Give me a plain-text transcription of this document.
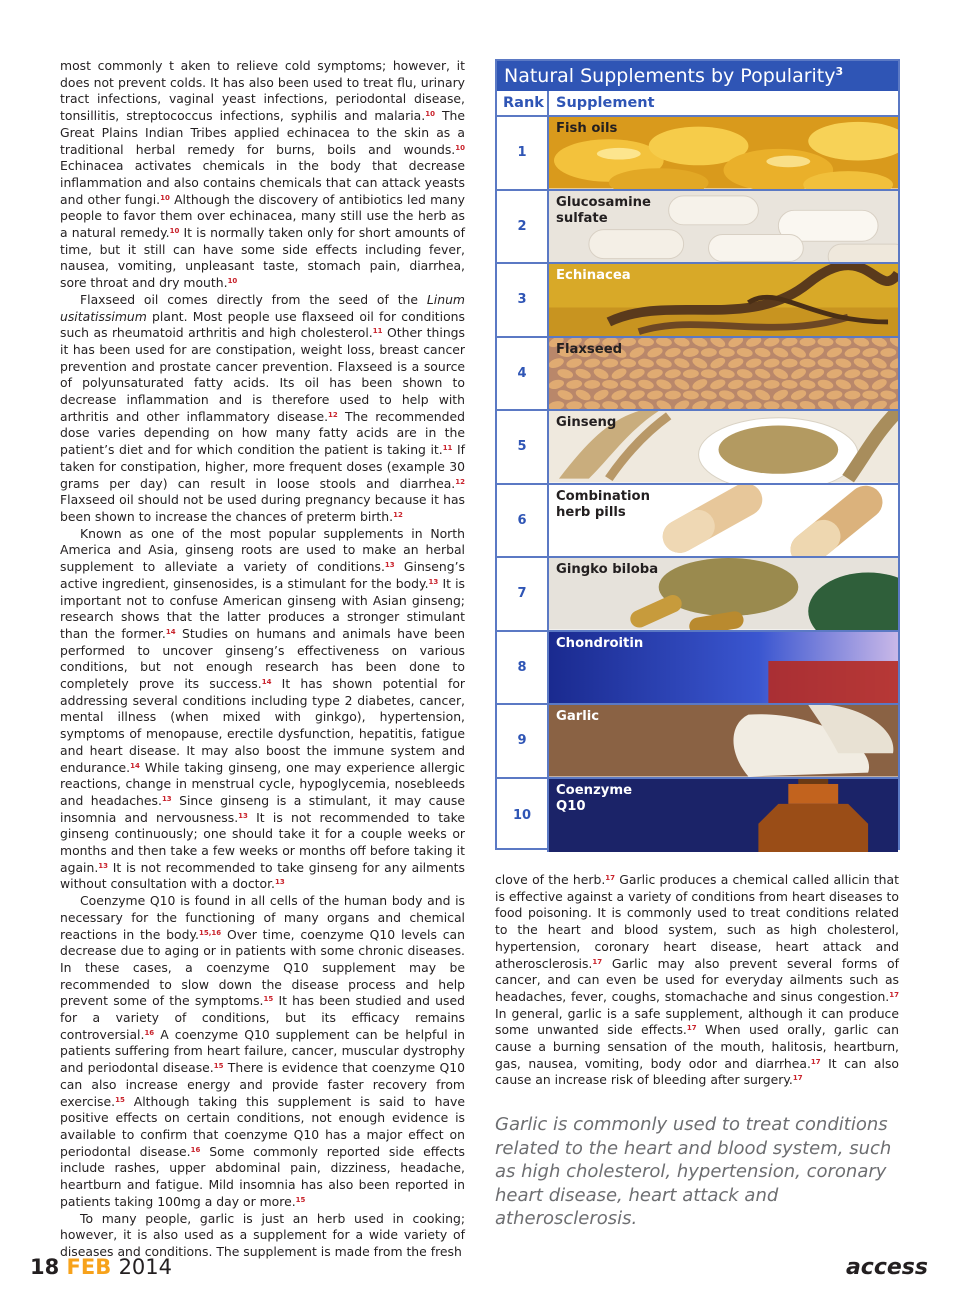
most commonly t aken to relieve cold symptoms; however, it does not prevent colds. It has also been used to treat flu, urinary tract infections, vaginal yeast infections, periodontal disease, tonsillitis, streptococcus infections, syphilis and malaria.$^{10}$ The Great Plains Indian Tribes applied echinacea to the skin as a traditional herbal remedy for burns, boils and wounds.$^{10}$ Echinacea activates chemicals in the body that decrease inflammation and also contains chemicals that can attack yeasts and other fungi.$^{10}$ Although the discovery of antibiotics led many people to favor them over echinacea, many still use the herb as a natural remedy.$^{10}$ It is normally taken only for short amounts of time, but it still can have some side effects including fever, nausea, vomiting, unpleasant taste, stomach pain, diarrhea, sore throat and dry mouth.$^{10}$

Flaxseed oil comes directly from the seed of the Linum usitatissimum plant. Most people use flaxseed oil for conditions such as rheumatoid arthritis and high cholesterol.$^{11}$ Other things it has been used for are constipation, weight loss, breast cancer prevention and prostate cancer prevention. Flaxseed is a source of polyunsaturated fatty acids. Its oil has been shown to decrease inflammation and is therefore used to help with arthritis and other inflammatory disease.$^{12}$ The recommended dose varies depending on how many fatty acids are in the patient’s diet and for which condition the patient is taking it.$^{11}$ If taken for constipation, higher, more frequent doses (example 30 grams per day) can result in loose stools and diarrhea.$^{12}$ Flaxseed oil should not be used during pregnancy because it has been shown to increase the chances of preterm birth.$^{12}$

Known as one of the most popular supplements in North America and Asia, ginseng roots are used to make an herbal supplement to alleviate a variety of conditions.$^{13}$ Ginseng’s active ingredient, ginsenosides, is a stimulant for the body.$^{13}$ It is important not to confuse American ginseng with Asian ginseng; research shows that the latter produces a stronger stimulant than the former.$^{14}$ Studies on humans and animals have been performed to uncover ginseng’s effectiveness on various conditions, but not enough research has been done to completely prove its success.$^{14}$ It has shown potential for addressing several conditions including type 2 diabetes, cancer, mental illness (when mixed with ginkgo), hypertension, symptoms of menopause, erectile dysfunction, hepatitis, fatigue and heart disease. It may also boost the immune system and endurance.$^{14}$ While taking ginseng, one may experience allergic reactions, change in menstrual cycle, hypoglycemia, nosebleeds and headaches.$^{13}$ Since ginseng is a stimulant, it may cause insomnia and nervousness.$^{13}$ It is not recommended to take ginseng continuously; one should take it for a couple weeks or months and then take a few weeks or months off before taking it again.$^{13}$ It is not recommended to take ginseng for any ailments without consultation with a doctor.$^{13}$

Coenzyme Q10 is found in all cells of the human body and is necessary for the functioning of many organs and chemical reactions in the body.$^{15,16}$ Over time, coenzyme Q10 levels can decrease due to aging or in patients with some chronic diseases. In these cases, a coenzyme Q10 supplement may be recommended to slow down the disease process and help prevent some of the symptoms.$^{15}$ It has been studied and used for a variety of conditions, but its efficacy remains controversial.$^{16}$ A coenzyme Q10 supplement can be helpful in patients suffering from heart failure, cancer, muscular dystrophy and periodontal disease.$^{15}$ There is evidence that coenzyme Q10 can also increase energy and provide faster recovery from exercise.$^{15}$ Although taking this supplement is said to have positive effects on certain conditions, not enough evidence is available to confirm that coenzyme Q10 has a major effect on periodontal disease.$^{16}$ Some commonly reported side effects include rashes, upper abdominal pain, dizziness, headache, heartburn and fatigue. Mild insomnia has also been reported in patients taking 100mg a day or more.$^{15}$

To many people, garlic is just an herb used in cooking; however, it is also used as a supplement for a wide variety of diseases and conditions. The supplement is made from the fresh

Natural Supplements by Popularity$^3$
Rank Supplement
1
Fish oils
2
Glucosamine sulfate
3
Echinacea
4
Flaxseed
5
Ginseng
6
Combination herb pills
7
Gingko biloba
8
Chondroitin
9
Garlic
10
Coenzyme Q10

clove of the herb.$^{17}$ Garlic produces a chemical called allicin that is effective against a variety of conditions from heart diseases to food poisoning. It is commonly used to treat conditions related to the heart and blood system, such as high cholesterol, hypertension, coronary heart disease, heart attack and atherosclerosis.$^{17}$ Garlic may also prevent several forms of cancer, and can even be used for everyday ailments such as headaches, fever, coughs, stomachache and sinus congestion.$^{17}$ In general, garlic is a safe supplement, although it can produce some unwanted side effects.$^{17}$ When used orally, garlic can cause a burning sensation of the mouth, halitosis, heartburn, gas, nausea, vomiting, body odor and diarrhea.$^{17}$ It can also cause an increase risk of bleeding after surgery.$^{17}$

Garlic is commonly used to treat conditions related to the heart and blood system, such as high cholesterol, hypertension, coronary heart disease, heart attack and atherosclerosis.
18 FEB 2014	access
